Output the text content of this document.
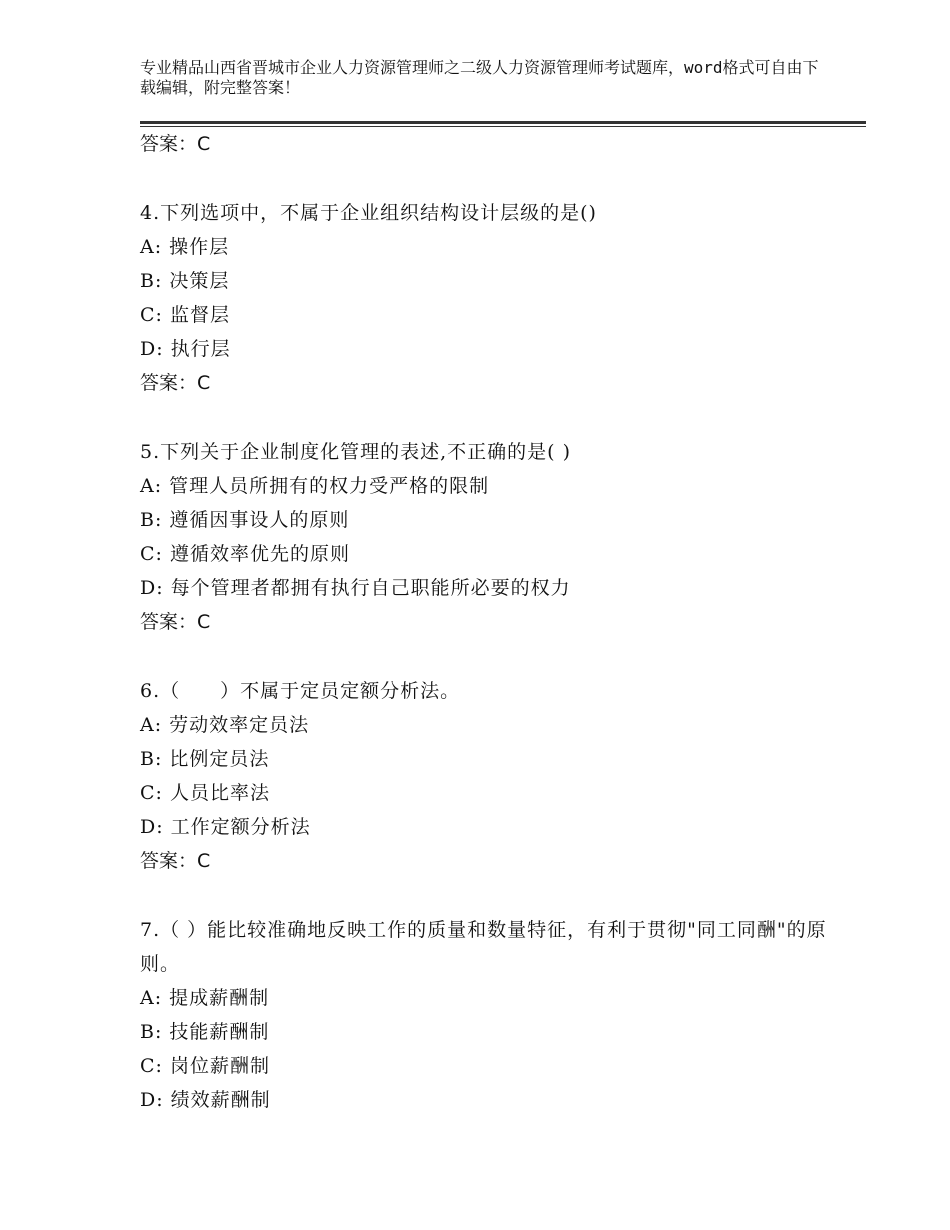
专业精品山西省晋城市企业人力资源管理师之二级人力资源管理师考试题库，word格式可自由下载编辑，附完整答案！
答案：C
4.下列选项中，不属于企业组织结构设计层级的是()
A: 操作层
B: 决策层
C: 监督层
D: 执行层
答案：C
5.下列关于企业制度化管理的表述,不正确的是( )
A: 管理人员所拥有的权力受严格的限制
B: 遵循因事设人的原则
C: 遵循效率优先的原则
D: 每个管理者都拥有执行自己职能所必要的权力
答案：C
6.（　　）不属于定员定额分析法。
A: 劳动效率定员法
B: 比例定员法
C: 人员比率法
D: 工作定额分析法
答案：C
7.（ ）能比较准确地反映工作的质量和数量特征，有利于贯彻"同工同酬"的原则。
A: 提成薪酬制
B: 技能薪酬制
C: 岗位薪酬制
D: 绩效薪酬制
